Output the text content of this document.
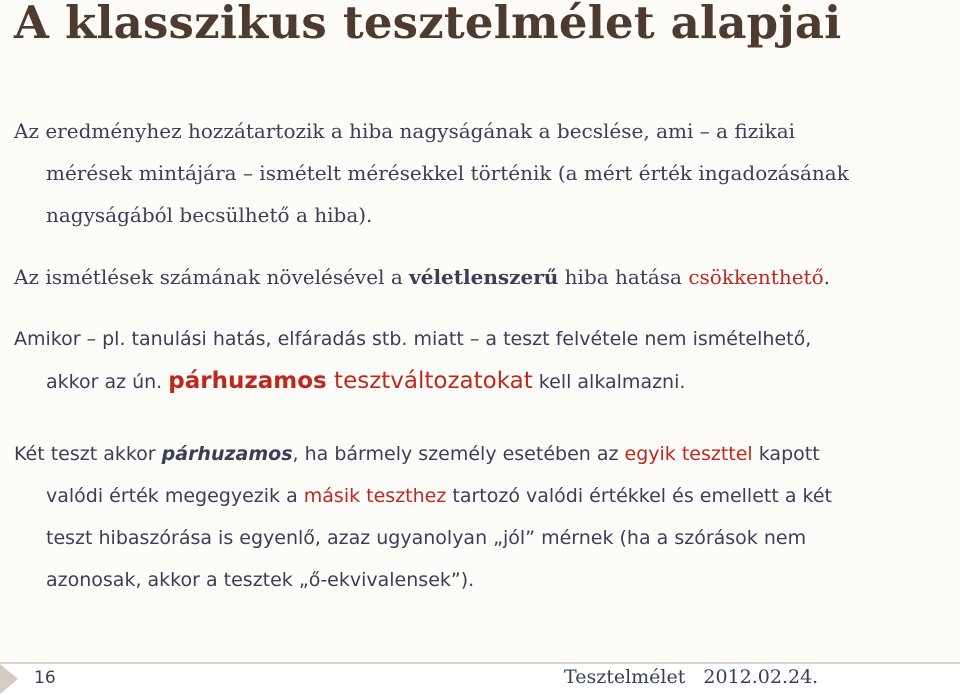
A klasszikus tesztelmélet alapjai

Az eredményhez hozzátartozik a hiba nagyságának a becslése, ami – a fizikai

mérések mintájára – ismételt mérésekkel történik (a mért érték ingadozásának
nagyságából becsülhető a hiba).

Az ismétlések számának növelésével a véletlenszerű hiba hatása csökkenthető.

Amikor – pl. tanulási hatás, elfáradás stb. miatt – a teszt felvétele nem ismételhető,

akkor az ún. párhuzamos tesztváltozatokat kell alkalmazni.

Két teszt akkor párhuzamos, ha bármely személy esetében az egyik teszttel kapott

valódi érték megegyezik a másik teszthez tartozó valódi értékkel és emellett a két
teszt hibaszórása is egyenlő, azaz ugyanolyan „jól” mérnek (ha a szórások nem
azonosak, akkor a tesztek „ő-ekvivalensek”).

16	Tesztelmélet 2012.02.24.
